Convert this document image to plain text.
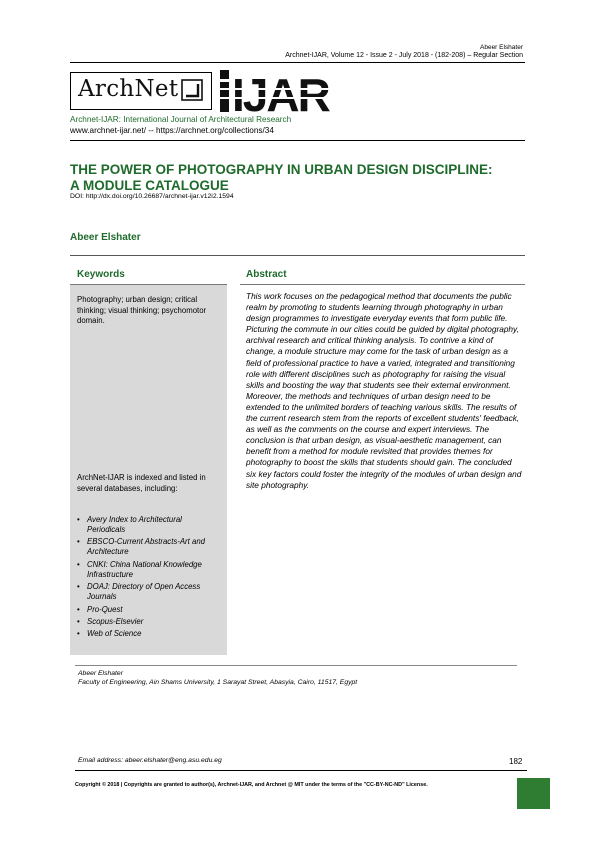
Abeer Elshater
Archnet-IJAR, Volume 12 - Issue 2 - July 2018 - (182-208) – Regular Section
ArchNet IJAR
Archnet-IJAR: International Journal of Architectural Research
www.archnet-ijar.net/ -- https://archnet.org/collections/34
THE POWER OF PHOTOGRAPHY IN URBAN DESIGN DISCIPLINE:
A MODULE CATALOGUE
DOI: http://dx.doi.org/10.26687/archnet-ijar.v12i2.1594
Abeer Elshater
Keywords	Abstract
Photography; urban design; critical thinking; visual thinking; psychomotor domain.
ArchNet-IJAR is indexed and listed in several databases, including:
• Avery Index to Architectural Periodicals
• EBSCO-Current Abstracts-Art and Architecture
• CNKI: China National Knowledge Infrastructure
• DOAJ: Directory of Open Access Journals
• Pro-Quest
• Scopus-Elsevier
• Web of Science
This work focuses on the pedagogical method that documents the public realm by promoting to students learning through photography in urban design programmes to investigate everyday events that form public life. Picturing the commute in our cities could be guided by digital photography, archival research and critical thinking analysis. To contrive a kind of change, a module structure may come for the task of urban design as a field of professional practice to have a varied, integrated and transitioning role with different disciplines such as photography for raising the visual skills and boosting the way that students see their external environment. Moreover, the methods and techniques of urban design need to be extended to the unlimited borders of teaching various skills. The results of the current research stem from the reports of excellent students' feedback, as well as the comments on the course and expert interviews. The conclusion is that urban design, as visual-aesthetic management, can benefit from a method for module revisited that provides themes for photography to boost the skills that students should gain. The concluded six key factors could foster the integrity of the modules of urban design and site photography.
Abeer Elshater
Faculty of Engineering, Ain Shams University, 1 Sarayat Street, Abasyia, Cairo, 11517, Egypt
Email address: abeer.elshater@eng.asu.edu.eg	182
Copyright © 2018 | Copyrights are granted to author(s), Archnet-IJAR, and Archnet @ MIT under the terms of the "CC-BY-NC-ND" License.
